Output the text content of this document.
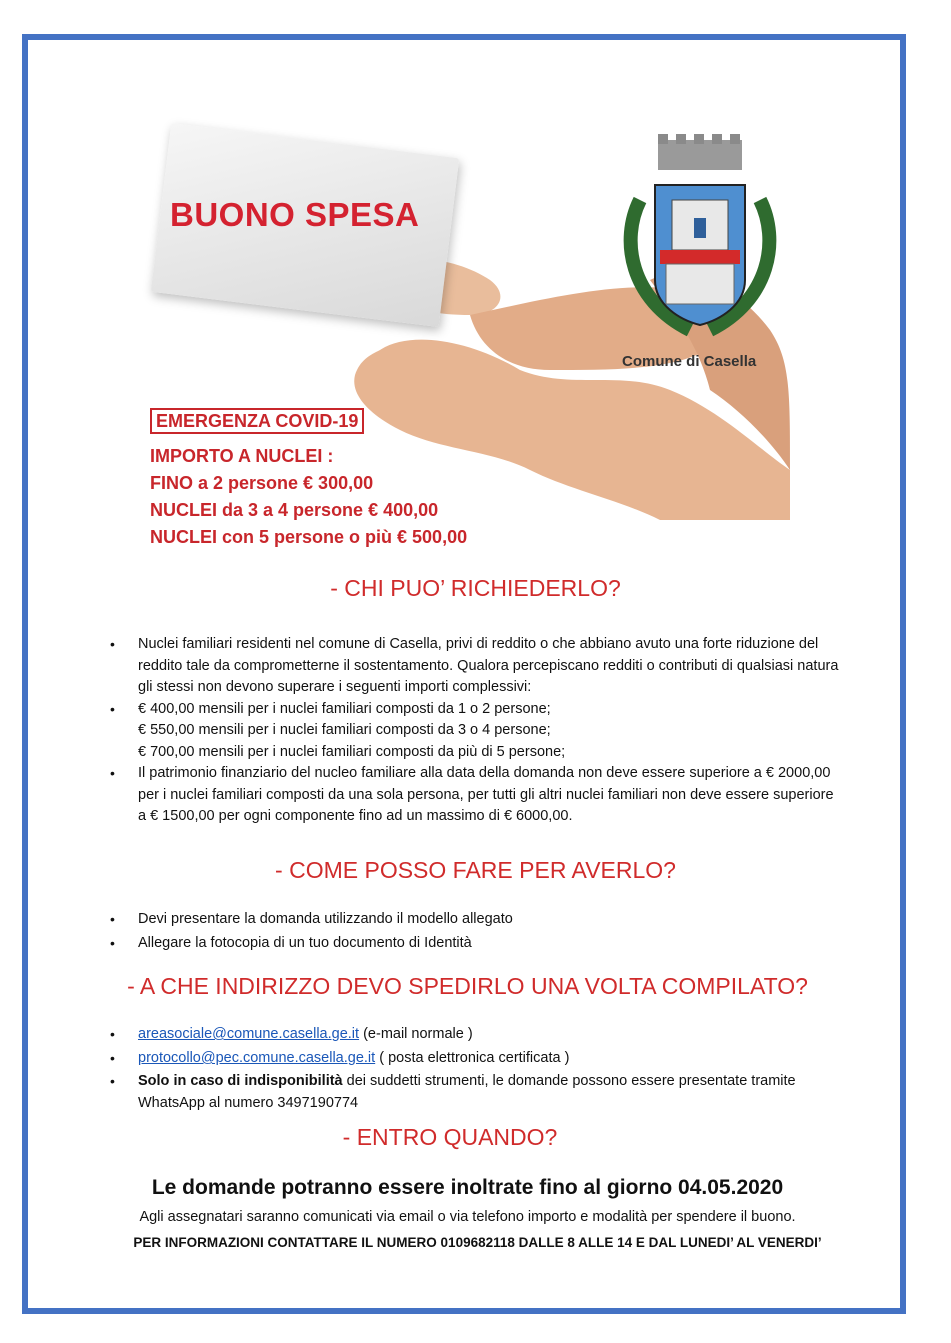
BUONO SPESA
Comune di Casella
EMERGENZA COVID-19
IMPORTO A NUCLEI :
FINO a 2 persone € 300,00
NUCLEI da 3 a 4 persone € 400,00
NUCLEI con 5 persone o più € 500,00
- CHI PUO’ RICHIEDERLO?
• Nuclei familiari residenti nel comune di Casella, privi di reddito o che abbiano avuto una forte riduzione del reddito tale da comprometterne il sostentamento. Qualora percepiscano redditi o contributi di qualsiasi natura gli stessi non devono superare i seguenti importi complessivi:
• € 400,00 mensili per i nuclei familiari composti da 1 o 2 persone;
€ 550,00 mensili per i nuclei familiari composti da 3 o 4 persone;
€ 700,00 mensili per i nuclei familiari composti da più di 5 persone;
• Il patrimonio finanziario del nucleo familiare alla data della domanda non deve essere superiore a € 2000,00 per i nuclei familiari composti da una sola persona, per tutti gli altri nuclei familiari non deve essere superiore a € 1500,00 per ogni componente fino ad un massimo di € 6000,00.
- COME POSSO FARE PER AVERLO?
• Devi presentare la domanda utilizzando il modello allegato
• Allegare la fotocopia di un tuo documento di Identità
- A CHE INDIRIZZO DEVO SPEDIRLO UNA VOLTA COMPILATO?
• areasociale@comune.casella.ge.it (e-mail normale )
• protocollo@pec.comune.casella.ge.it ( posta elettronica certificata )
• Solo in caso di indisponibilità dei suddetti strumenti, le domande possono essere presentate tramite WhatsApp al numero 3497190774
- ENTRO QUANDO?
Le domande potranno essere inoltrate fino al giorno 04.05.2020
Agli assegnatari saranno comunicati via email o via telefono importo e modalità per spendere il buono.
PER INFORMAZIONI CONTATTARE IL NUMERO 0109682118 DALLE 8 ALLE 14 E DAL LUNEDI’ AL VENERDI’
